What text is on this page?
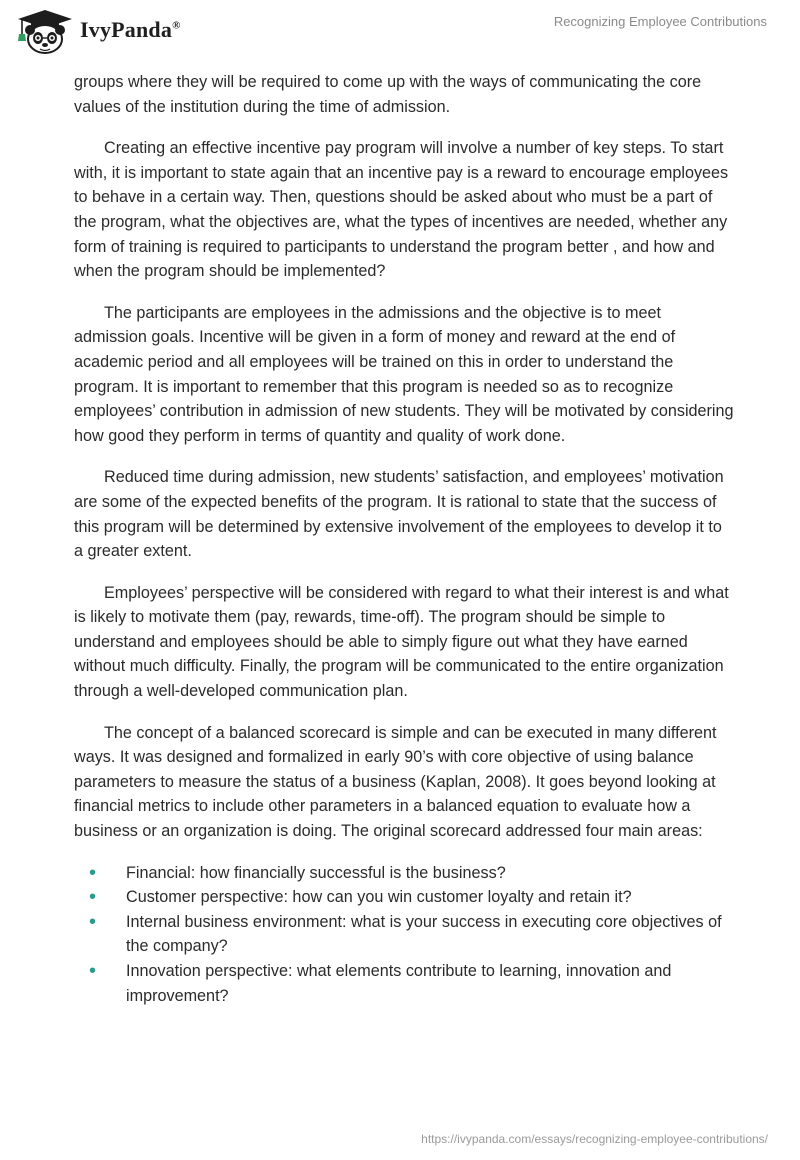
IvyPanda®	Recognizing Employee Contributions

groups where they will be required to come up with the ways of communicating the core values of the institution during the time of admission.

Creating an effective incentive pay program will involve a number of key steps. To start with, it is important to state again that an incentive pay is a reward to encourage employees to behave in a certain way. Then, questions should be asked about who must be a part of the program, what the objectives are, what the types of incentives are needed, whether any form of training is required to participants to understand the program better , and how and when the program should be implemented?

The participants are employees in the admissions and the objective is to meet admission goals. Incentive will be given in a form of money and reward at the end of academic period and all employees will be trained on this in order to understand the program. It is important to remember that this program is needed so as to recognize employees’ contribution in admission of new students. They will be motivated by considering how good they perform in terms of quantity and quality of work done.

Reduced time during admission, new students’ satisfaction, and employees’ motivation are some of the expected benefits of the program. It is rational to state that the success of this program will be determined by extensive involvement of the employees to develop it to a greater extent.

Employees’ perspective will be considered with regard to what their interest is and what is likely to motivate them (pay, rewards, time-off). The program should be simple to understand and employees should be able to simply figure out what they have earned without much difficulty. Finally, the program will be communicated to the entire organization through a well-developed communication plan.

The concept of a balanced scorecard is simple and can be executed in many different ways. It was designed and formalized in early 90’s with core objective of using balance parameters to measure the status of a business (Kaplan, 2008). It goes beyond looking at financial metrics to include other parameters in a balanced equation to evaluate how a business or an organization is doing. The original scorecard addressed four main areas:

• Financial: how financially successful is the business?
• Customer perspective: how can you win customer loyalty and retain it?
• Internal business environment: what is your success in executing core objectives of the company?
• Innovation perspective: what elements contribute to learning, innovation and improvement?
https://ivypanda.com/essays/recognizing-employee-contributions/
